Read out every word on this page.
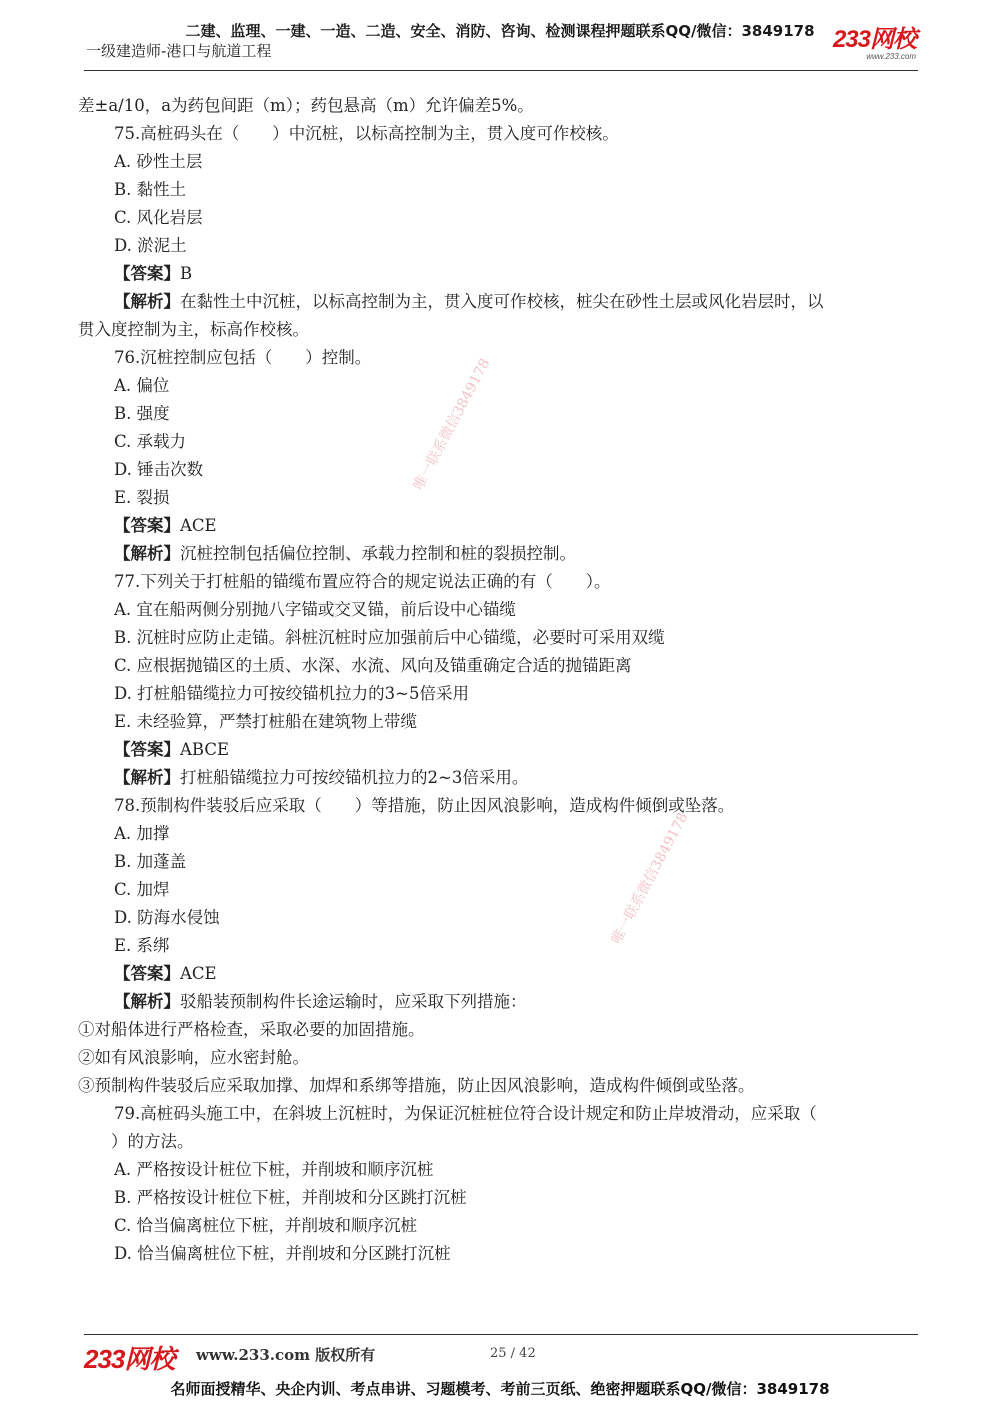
二建、监理、一建、一造、二造、安全、消防、咨询、检测课程押题联系QQ/微信：3849178
一级建造师-港口与航道工程	233网校
www.233.com
唯一联系微信3849178
唯一联系微信3849178
差±a/10，a为药包间距（m）；药包悬高（m）允许偏差5%。
75.高桩码头在（　　）中沉桩，以标高控制为主，贯入度可作校核。
A. 砂性土层
B. 黏性土
C. 风化岩层
D. 淤泥土
【答案】B
【解析】在黏性土中沉桩，以标高控制为主，贯入度可作校核，桩尖在砂性土层或风化岩层时，以
贯入度控制为主，标高作校核。
76.沉桩控制应包括（　　）控制。
A. 偏位
B. 强度
C. 承载力
D. 锤击次数
E. 裂损
【答案】ACE
【解析】沉桩控制包括偏位控制、承载力控制和桩的裂损控制。
77.下列关于打桩船的锚缆布置应符合的规定说法正确的有（　　）。
A. 宜在船两侧分别抛八字锚或交叉锚，前后设中心锚缆
B. 沉桩时应防止走锚。斜桩沉桩时应加强前后中心锚缆，必要时可采用双缆
C. 应根据抛锚区的土质、水深、水流、风向及锚重确定合适的抛锚距离
D. 打桩船锚缆拉力可按绞锚机拉力的3~5倍采用
E. 未经验算，严禁打桩船在建筑物上带缆
【答案】ABCE
【解析】打桩船锚缆拉力可按绞锚机拉力的2~3倍采用。
78.预制构件装驳后应采取（　　）等措施，防止因风浪影响，造成构件倾倒或坠落。
A. 加撑
B. 加蓬盖
C. 加焊
D. 防海水侵蚀
E. 系绑
【答案】ACE
【解析】驳船装预制构件长途运输时，应采取下列措施：
①对船体进行严格检查，采取必要的加固措施。
②如有风浪影响，应水密封舱。
③预制构件装驳后应采取加撑、加焊和系绑等措施，防止因风浪影响，造成构件倾倒或坠落。
79.高桩码头施工中，在斜坡上沉桩时，为保证沉桩桩位符合设计规定和防止岸坡滑动，应采取（
　　）的方法。
A. 严格按设计桩位下桩，并削坡和顺序沉桩
B. 严格按设计桩位下桩，并削坡和分区跳打沉桩
C. 恰当偏离桩位下桩，并削坡和顺序沉桩
D. 恰当偏离桩位下桩，并削坡和分区跳打沉桩
233网校 www.233.com 版权所有	25 / 42
名师面授精华、央企内训、考点串讲、习题模考、考前三页纸、绝密押题联系QQ/微信：3849178
